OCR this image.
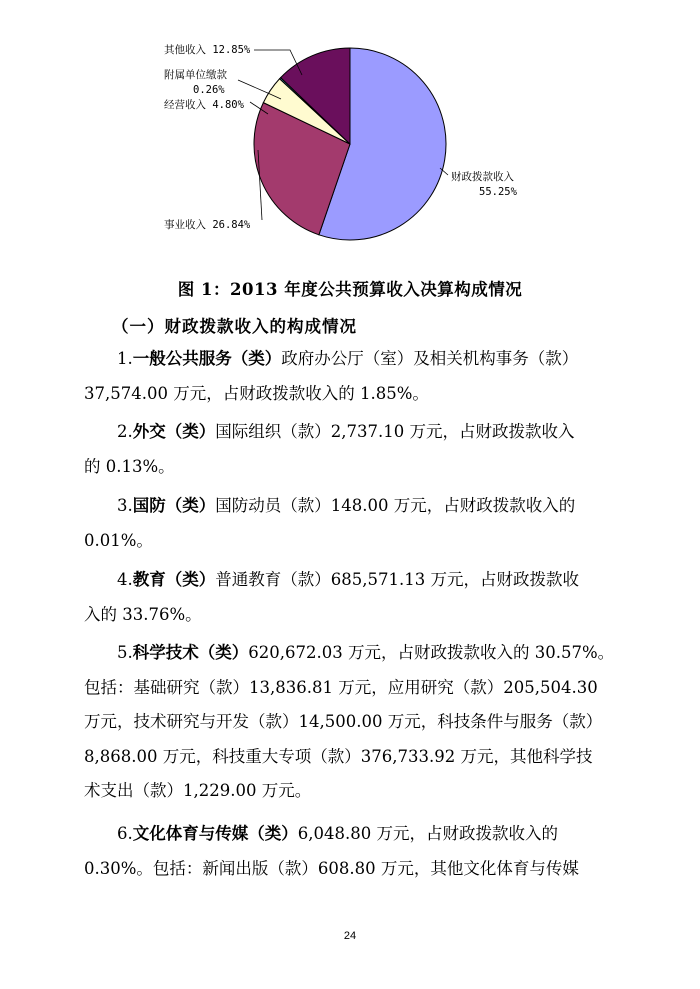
其他收入 12.85%
附属单位缴款
0.26%
经营收入 4.80%
事业收入 26.84%
财政拨款收入
55.25%
图 1：2013 年度公共预算收入决算构成情况
（一）财政拨款收入的构成情况
1.一般公共服务（类）政府办公厅（室）及相关机构事务（款）
37,574.00 万元，占财政拨款收入的 1.85%。
2.外交（类）国际组织（款）2,737.10 万元，占财政拨款收入
的 0.13%。
3.国防（类）国防动员（款）148.00 万元，占财政拨款收入的
0.01%。
4.教育（类）普通教育（款）685,571.13 万元，占财政拨款收
入的 33.76%。
5.科学技术（类）620,672.03 万元，占财政拨款收入的 30.57%。
包括：基础研究（款）13,836.81 万元，应用研究（款）205,504.30
万元，技术研究与开发（款）14,500.00 万元，科技条件与服务（款）
8,868.00 万元，科技重大专项（款）376,733.92 万元，其他科学技
术支出（款）1,229.00 万元。
6.文化体育与传媒（类）6,048.80 万元，占财政拨款收入的
0.30%。包括：新闻出版（款）608.80 万元，其他文化体育与传媒
24
